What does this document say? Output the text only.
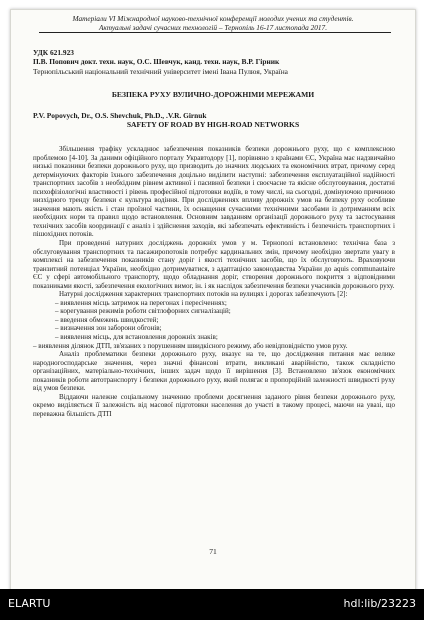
Матеріали VI Міжнародної науково-технічної конференції молодих учених та студентів.
Актуальні задачі сучасних технологій – Тернопіль 16-17 листопада 2017.
УДК 621.923
П.В. Попович докт. техн. наук, О.С. Шевчук, канд. техн. наук, В.Р. Гірник
Тернопільський національний технічний університет імені Івана Пулюя, Україна
БЕЗПЕКА РУХУ ВУЛИЧНО-ДОРОЖНІМИ МЕРЕЖАМИ
P.V. Popovych, Dr., O.S. Shevchuk, Ph.D., .V.R. Girnuk
SAFETY OF ROAD BY HIGH-ROAD NETWORKS

Збільшення трафіку ускладнює забезпечення показників безпеки дорожнього руху, що є комплексною проблемою [4-10]. За даними офіційного порталу Укравтодору [1], порівняно з країнами ЄС, Україна має надзвичайно низькі показники безпеки дорожнього руху, що призводить до значних людських та економічних втрат, причому серед детермінуючих факторів їхнього забезпечення доцільно виділити наступні: забезпечення експлуатаційної надійності транспортних засобів з необхідним рівнем активної і пасивної безпеки і своєчасне та якісне обслуговування, достатні психофізіологічні властивості і рівень професійної підготовки водіїв, в тому числі, на сьогодні, домінуючою причиною низхідного тренду безпеки є культура водіння. При дослідженнях впливу дорожніх умов на безпеку руху особливе значення мають якість і стан проїзної частини, їх оснащення сучасними технічними засобами із дотриманням всіх необхідних норм та правил щодо встановлення. Основним завданням організації дорожнього руху та застосування технічних засобів координації є аналіз і здійснення заходів, які забезпечать ефективність і безпечність транспортних і пішохідних потоків.

При проведенні натурних досліджень дорожніх умов у м. Тернополі встановлено: технічна база з обслуговування транспортних та пасажиропотоків потребує кардинальних змін, причому необхідно звертати увагу в комплексі на забезпечення показників стану доріг і якості технічних засобів, що їх обслуговують. Враховуючи транзитний потенціал України, необхідно дотримуватися, з адаптацією законодавства України до aquis communautaire ЄС у сфері автомобільного транспорту, щодо обладнання доріг, створення дорожнього покриття з відповідними показниками якості, забезпечення екологічних вимог, ін. і як наслідок забезпечення безпеки учасників дорожнього руху.

Натурні дослідження характерних транспортних потоків на вулицях і дорогах забезпечують [2]:

– виявлення місць затримок на перегонах і пересіченнях;
– корегування режимів роботи світлофорних сигналізацій;
– введення обмежень швидкостей;
– визначення зон заборони обгонів;
– виявлення місць, для встановлення дорожніх знаків;
– виявлення ділянок ДТП, зв'язаних з порушенням швидкісного режиму, або невідповідністю умов руху.

Аналіз проблематики безпеки дорожнього руху, вказує на те, що дослідження питання має велике народногосподарське значення, через значні фінансові втрати, викликані аварійністю, також складністю організаційних, матеріально-технічних, інших задач щодо її вирішення [3]. Встановлено зв'язок економічних показників роботи автотранспорту і безпеки дорожнього руху, який полягає в пропорційній залежності швидкості руху від умов безпеки.

Віддаючи належне соціальному значенню проблеми досягнення заданого рівня безпеки дорожнього руху, окремо виділяється її залежність від масової підготовки населення до участі в такому процесі, маючи на увазі, що переважна більшість ДТП

71
ELARTU	hdl:lib/23223
